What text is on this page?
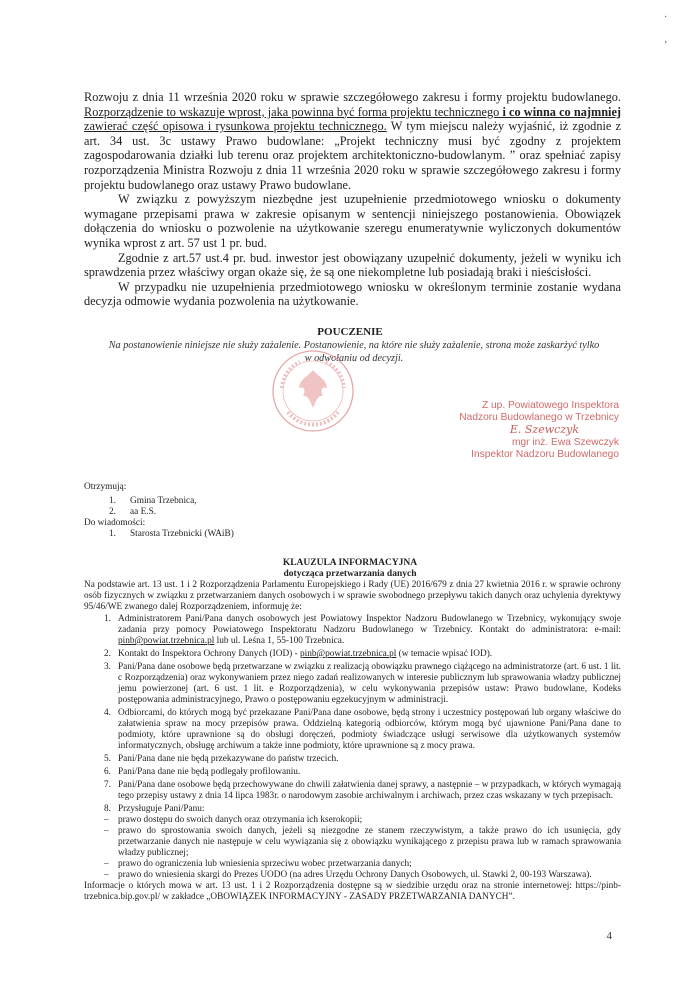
·
ʼ

Rozwoju z dnia 11 września 2020 roku w sprawie szczegółowego zakresu i formy projektu budowlanego. Rozporządzenie to wskazuje wprost, jaka powinna być forma projektu technicznego i co winna co najmniej zawierać część opisowa i rysunkowa projektu technicznego. W tym miejscu należy wyjaśnić, iż zgodnie z art. 34 ust. 3c ustawy Prawo budowlane: „Projekt techniczny musi być zgodny z projektem zagospodarowania działki lub terenu oraz projektem architektoniczno-budowlanym. ” oraz spełniać zapisy rozporządzenia Ministra Rozwoju z dnia 11 września 2020 roku w sprawie szczegółowego zakresu i formy projektu budowlanego oraz ustawy Prawo budowlane.

W związku z powyższym niezbędne jest uzupełnienie przedmiotowego wniosku o dokumenty wymagane przepisami prawa w zakresie opisanym w sentencji niniejszego postanowienia. Obowiązek dołączenia do wniosku o pozwolenie na użytkowanie szeregu enumeratywnie wyliczonych dokumentów wynika wprost z art. 57 ust 1 pr. bud.

Zgodnie z art.57 ust.4 pr. bud. inwestor jest obowiązany uzupełnić dokumenty, jeżeli w wyniku ich sprawdzenia przez właściwy organ okaże się, że są one niekompletne lub posiadają braki i nieścisłości.

W przypadku nie uzupełnienia przedmiotowego wniosku w określonym terminie zostanie wydana decyzja odmowie wydania pozwolenia na użytkowanie.

POUCZENIE
Na postanowienie niniejsze nie służy zażalenie. Postanowienie, na które nie służy zażalenie, strona może zaskarżyć tylko
w odwołaniu od decyzji.
Z up. Powiatowego Inspektora
Nadzoru Budowlanego w Trzebnicy
E. Szewczyk
mgr inż. Ewa Szewczyk
Inspektor Nadzoru Budowlanego
Otrzymują:
1.	Gmina Trzebnica,
2.	aa E.S.
Do wiadomości:
1.	Starosta Trzebnicki (WAiB)
KLAUZULA INFORMACYJNA
dotycząca przetwarzania danych
Na podstawie art. 13 ust. 1 i 2 Rozporządzenia Parlamentu Europejskiego i Rady (UE) 2016/679 z dnia 27 kwietnia 2016 r. w sprawie ochrony osób fizycznych w związku z przetwarzaniem danych osobowych i w sprawie swobodnego przepływu takich danych oraz uchylenia dyrektywy 95/46/WE zwanego dalej Rozporządzeniem, informuję że:
1. Administratorem Pani/Pana danych osobowych jest Powiatowy Inspektor Nadzoru Budowlanego w Trzebnicy, wykonujący swoje zadania przy pomocy Powiatowego Inspektoratu Nadzoru Budowlanego w Trzebnicy. Kontakt do administratora: e-mail: pinb@powiat.trzebnica.pl lub ul. Leśna 1, 55-100 Trzebnica.
2. Kontakt do Inspektora Ochrony Danych (IOD) - pinb@powiat.trzebnica.pl (w temacie wpisać IOD).
3. Pani/Pana dane osobowe będą przetwarzane w związku z realizacją obowiązku prawnego ciążącego na administratorze (art. 6 ust. 1 lit. c Rozporządzenia) oraz wykonywaniem przez niego zadań realizowanych w interesie publicznym lub sprawowania władzy publicznej jemu powierzonej (art. 6 ust. 1 lit. e Rozporządzenia), w celu wykonywania przepisów ustaw: Prawo budowlane, Kodeks postępowania administracyjnego, Prawo o postępowaniu egzekucyjnym w administracji.
4. Odbiorcami, do których mogą być przekazane Pani/Pana dane osobowe, będą strony i uczestnicy postępowań lub organy właściwe do załatwienia spraw na mocy przepisów prawa. Oddzielną kategorią odbiorców, którym mogą być ujawnione Pani/Pana dane to podmioty, które uprawnione są do obsługi doręczeń, podmioty świadczące usługi serwisowe dla użytkowanych systemów informatycznych, obsługę archiwum a także inne podmioty, które uprawnione są z mocy prawa.
5. Pani/Pana dane nie będą przekazywane do państw trzecich.
6. Pani/Pana dane nie będą podlegały profilowaniu.
7. Pani/Pana dane osobowe będą przechowywane do chwili załatwienia danej sprawy, a następnie – w przypadkach, w których wymagają tego przepisy ustawy z dnia 14 lipca 1983r. o narodowym zasobie archiwalnym i archiwach, przez czas wskazany w tych przepisach.
8. Przysługuje Pani/Panu:
–	prawo dostępu do swoich danych oraz otrzymania ich kserokopii;
–	prawo do sprostowania swoich danych, jeżeli są niezgodne ze stanem rzeczywistym, a także prawo do ich usunięcia, gdy przetwarzanie danych nie następuje w celu wywiązania się z obowiązku wynikającego z przepisu prawa lub w ramach sprawowania władzy publicznej;
–	prawo do ograniczenia lub wniesienia sprzeciwu wobec przetwarzania danych;
–	prawo do wniesienia skargi do Prezes UODO (na adres Urzędu Ochrony Danych Osobowych, ul. Stawki 2, 00-193 Warszawa).
Informacje o których mowa w art. 13 ust. 1 i 2 Rozporządzenia dostępne są w siedzibie urzędu oraz na stronie internetowej: https://pinb-trzebnica.bip.gov.pl/ w zakładce „OBOWIĄZEK INFORMACYJNY - ZASADY PRZETWARZANIA DANYCH”.
4
